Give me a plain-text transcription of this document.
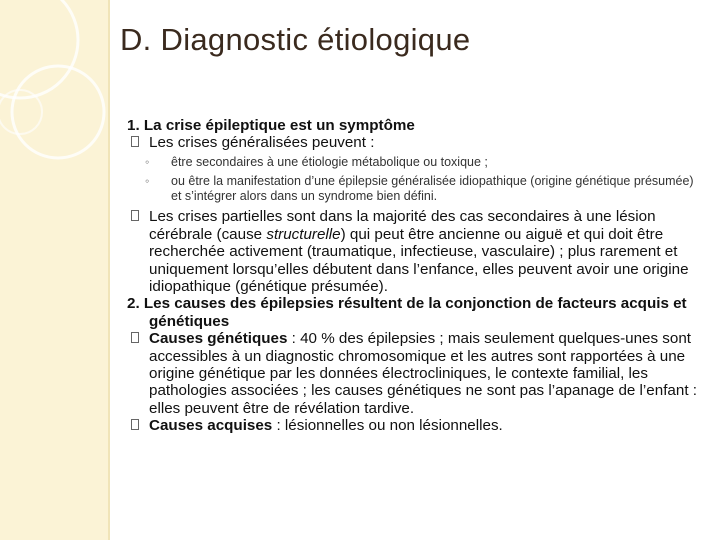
D. Diagnostic étiologique
1. La crise épileptique est un symptôme
Les crises généralisées peuvent :
◦ être secondaires à une étiologie métabolique ou toxique ;
◦ ou être la manifestation d’une épilepsie généralisée idiopathique (origine génétique présumée) et s’intégrer alors dans un syndrome bien défini.
Les crises partielles sont dans la majorité des cas secondaires à une lésion cérébrale (cause structurelle) qui peut être ancienne ou aiguë et qui doit être recherchée activement (traumatique, infectieuse, vasculaire) ; plus rarement et uniquement lorsqu’elles débutent dans l’enfance, elles peuvent avoir une origine idiopathique (génétique présumée).
2. Les causes des épilepsies résultent de la conjonction de facteurs acquis et génétiques
Causes génétiques : 40 % des épilepsies ; mais seulement quelques-unes sont accessibles à un diagnostic chromosomique et les autres sont rapportées à une origine génétique par les données électrocliniques, le contexte familial, les pathologies associées ; les causes génétiques ne sont pas l’apanage de l’enfant : elles peuvent être de révélation tardive.
Causes acquises : lésionnelles ou non lésionnelles.
